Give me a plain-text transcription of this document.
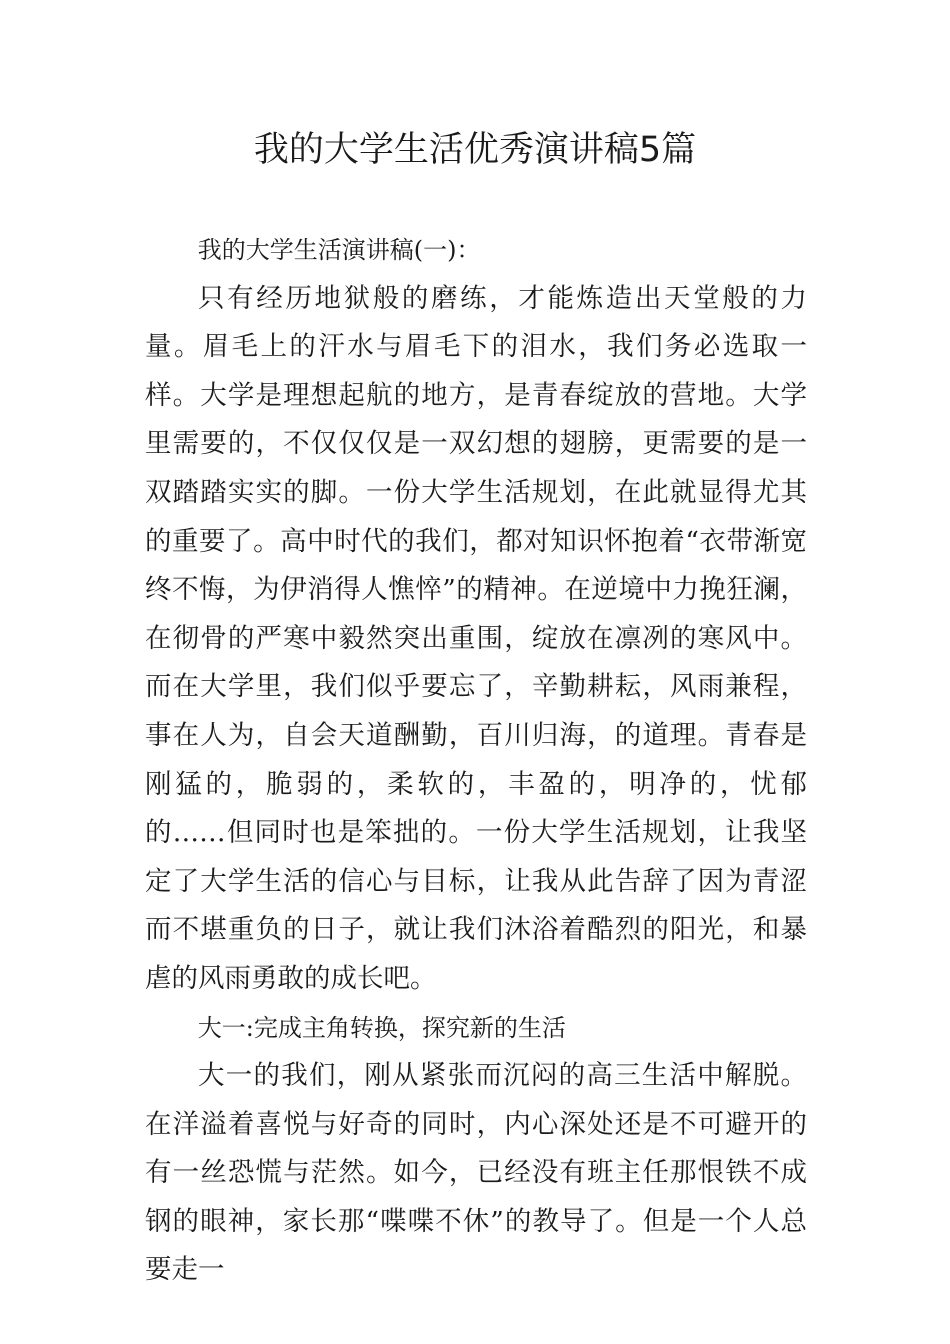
我的大学生活优秀演讲稿5篇

我的大学生活演讲稿(一)：

只有经历地狱般的磨练，才能炼造出天堂般的力量。眉毛上的汗水与眉毛下的泪水，我们务必选取一样。大学是理想起航的地方，是青春绽放的营地。大学里需要的，不仅仅仅是一双幻想的翅膀，更需要的是一双踏踏实实的脚。一份大学生活规划，在此就显得尤其的重要了。高中时代的我们，都对知识怀抱着“衣带渐宽终不悔，为伊消得人憔悴”的精神。在逆境中力挽狂澜，在彻骨的严寒中毅然突出重围，绽放在凛冽的寒风中。而在大学里，我们似乎要忘了，辛勤耕耘，风雨兼程，事在人为，自会天道酬勤，百川归海，的道理。青春是刚猛的，脆弱的，柔软的，丰盈的，明净的，忧郁的……但同时也是笨拙的。一份大学生活规划，让我坚定了大学生活的信心与目标，让我从此告辞了因为青涩而不堪重负的日子，就让我们沐浴着酷烈的阳光，和暴虐的风雨勇敢的成长吧。

大一:完成主角转换，探究新的生活

大一的我们，刚从紧张而沉闷的高三生活中解脱。在洋溢着喜悦与好奇的同时，内心深处还是不可避开的有一丝恐慌与茫然。如今，已经没有班主任那恨铁不成钢的眼神，家长那“喋喋不休”的教导了。但是一个人总要走一
